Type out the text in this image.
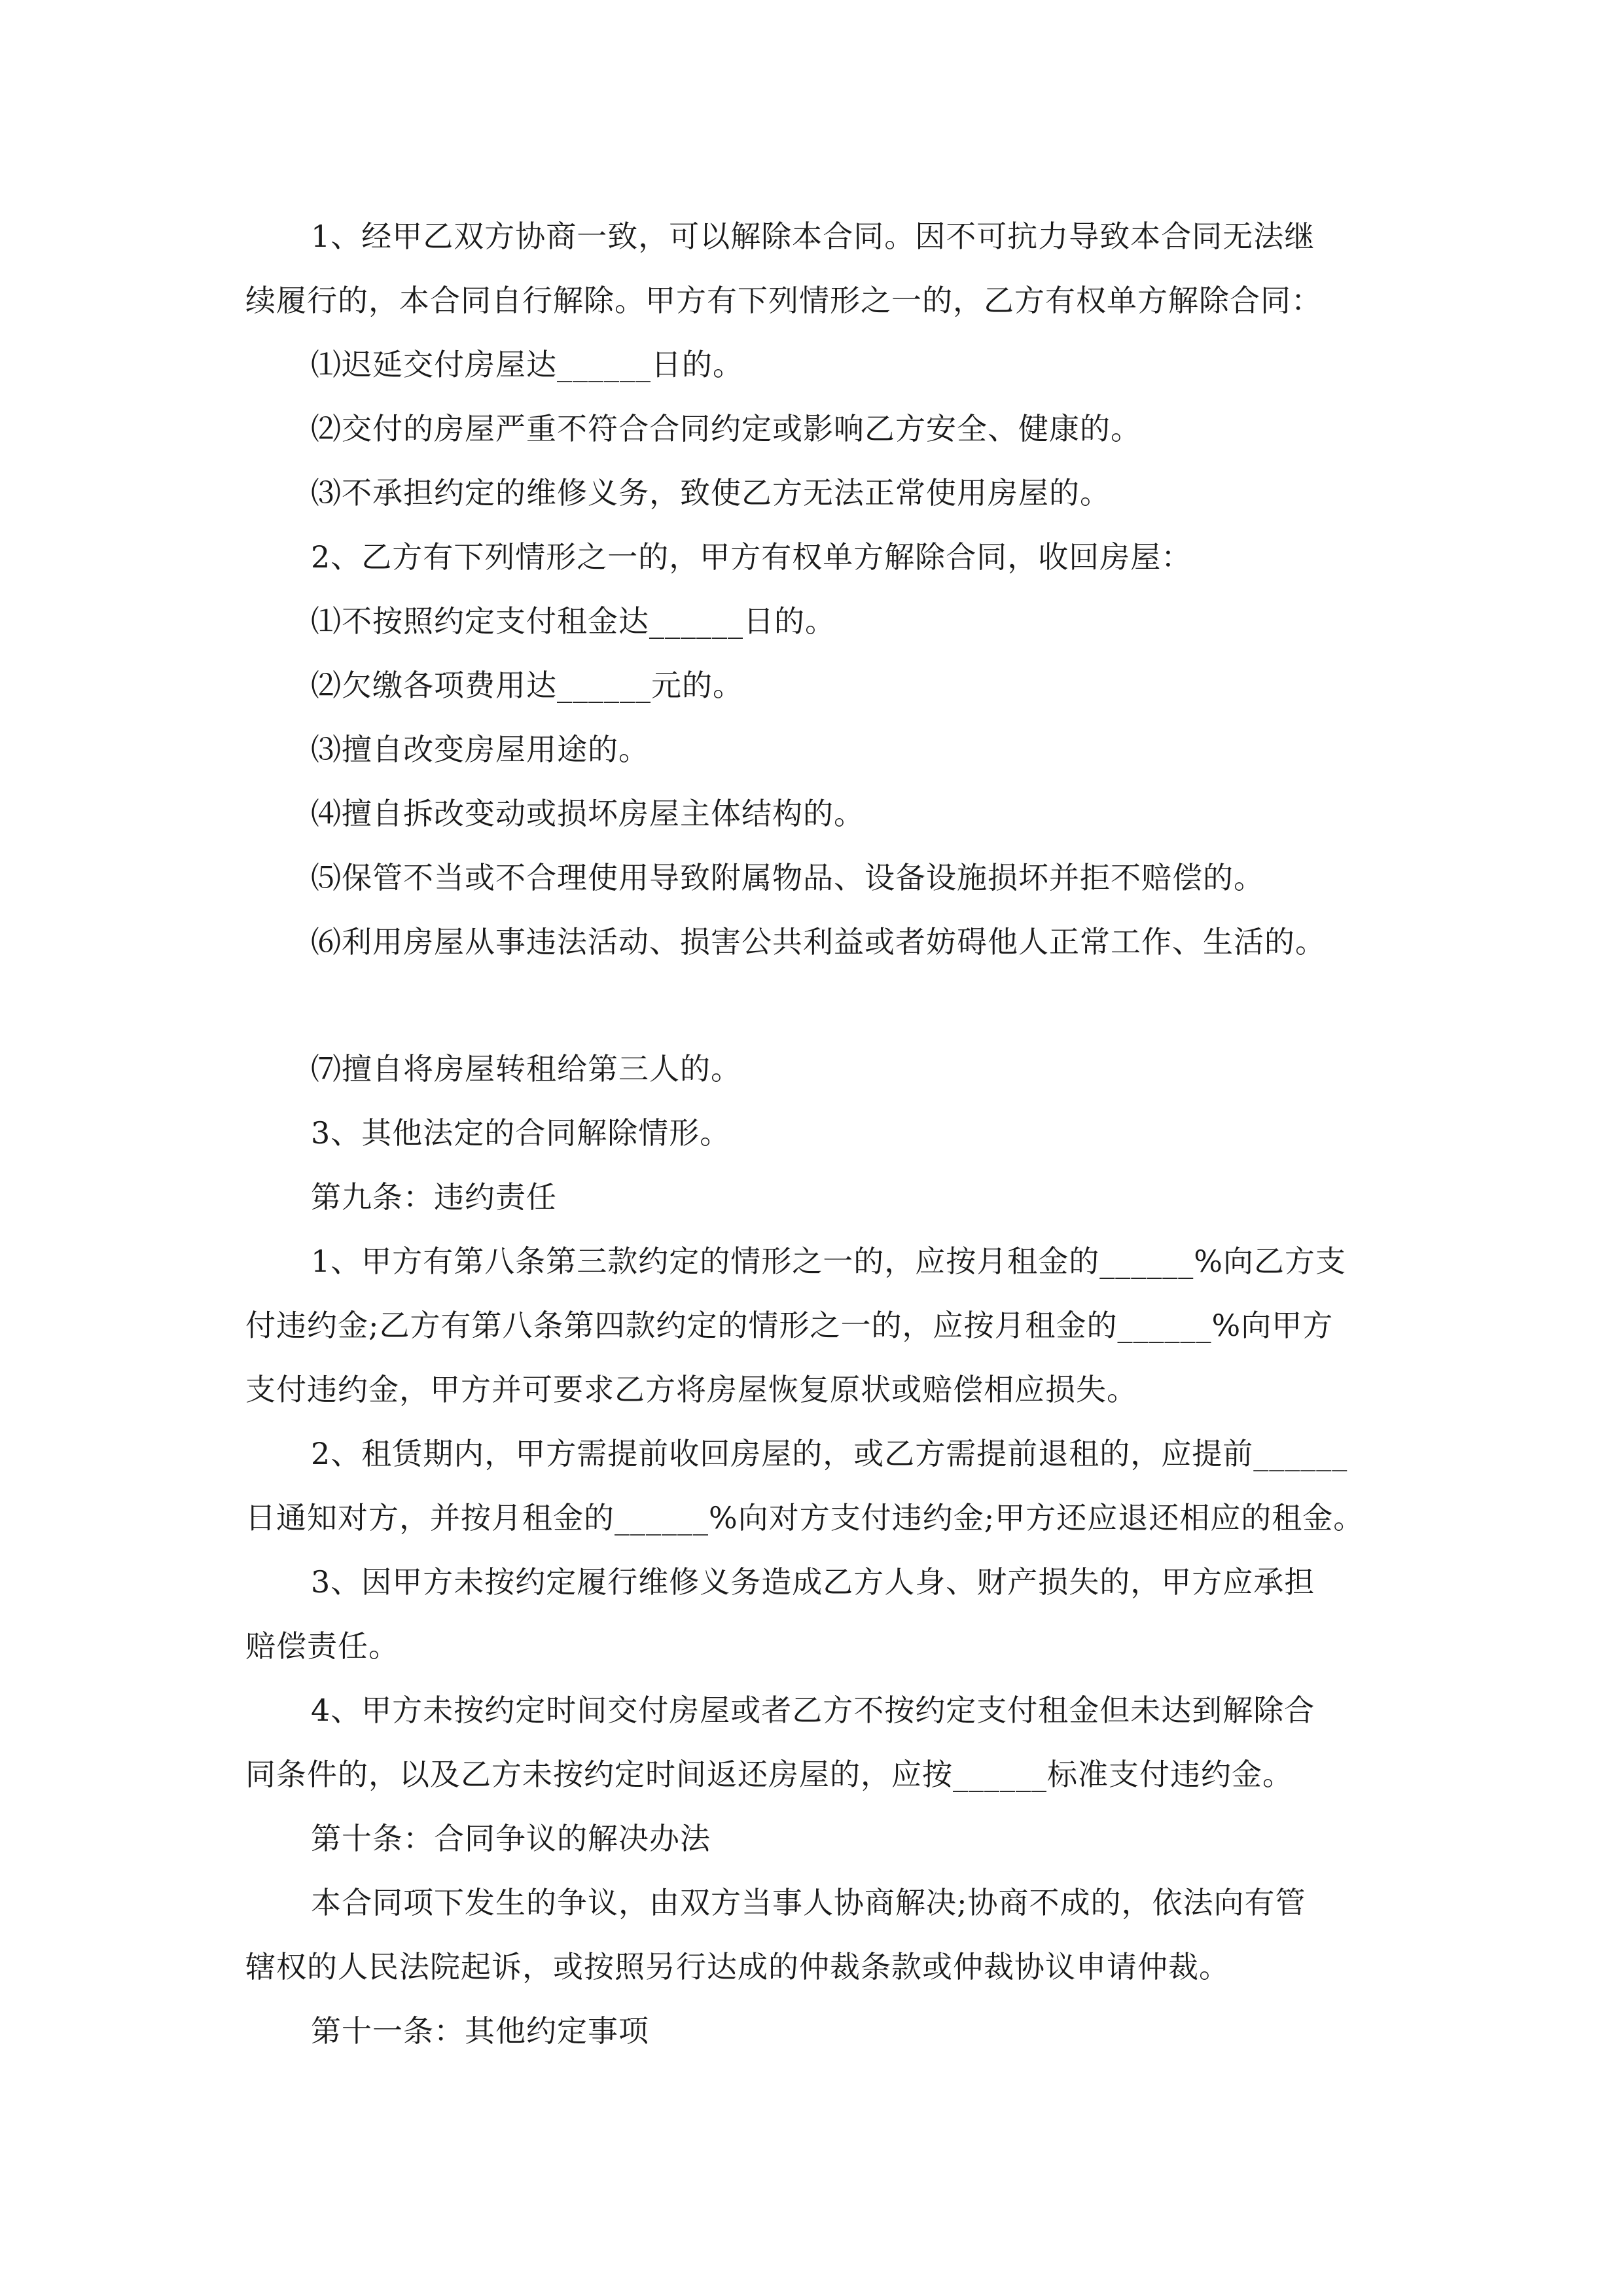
1、经甲乙双方协商一致，可以解除本合同。因不可抗力导致本合同无法继
续履行的，本合同自行解除。甲方有下列情形之一的，乙方有权单方解除合同：
⑴迟延交付房屋达______日的。
⑵交付的房屋严重不符合合同约定或影响乙方安全、健康的。
⑶不承担约定的维修义务，致使乙方无法正常使用房屋的。
2、乙方有下列情形之一的，甲方有权单方解除合同，收回房屋：
⑴不按照约定支付租金达______日的。
⑵欠缴各项费用达______元的。
⑶擅自改变房屋用途的。
⑷擅自拆改变动或损坏房屋主体结构的。
⑸保管不当或不合理使用导致附属物品、设备设施损坏并拒不赔偿的。
⑹利用房屋从事违法活动、损害公共利益或者妨碍他人正常工作、生活的。
⑺擅自将房屋转租给第三人的。
3、其他法定的合同解除情形。
第九条：违约责任
1、甲方有第八条第三款约定的情形之一的，应按月租金的______%向乙方支
付违约金;乙方有第八条第四款约定的情形之一的，应按月租金的______%向甲方
支付违约金，甲方并可要求乙方将房屋恢复原状或赔偿相应损失。
2、租赁期内，甲方需提前收回房屋的，或乙方需提前退租的，应提前______
日通知对方，并按月租金的______%向对方支付违约金;甲方还应退还相应的租金。
3、因甲方未按约定履行维修义务造成乙方人身、财产损失的，甲方应承担
赔偿责任。
4、甲方未按约定时间交付房屋或者乙方不按约定支付租金但未达到解除合
同条件的，以及乙方未按约定时间返还房屋的，应按______标准支付违约金。
第十条：合同争议的解决办法
本合同项下发生的争议，由双方当事人协商解决;协商不成的，依法向有管
辖权的人民法院起诉，或按照另行达成的仲裁条款或仲裁协议申请仲裁。
第十一条：其他约定事项
